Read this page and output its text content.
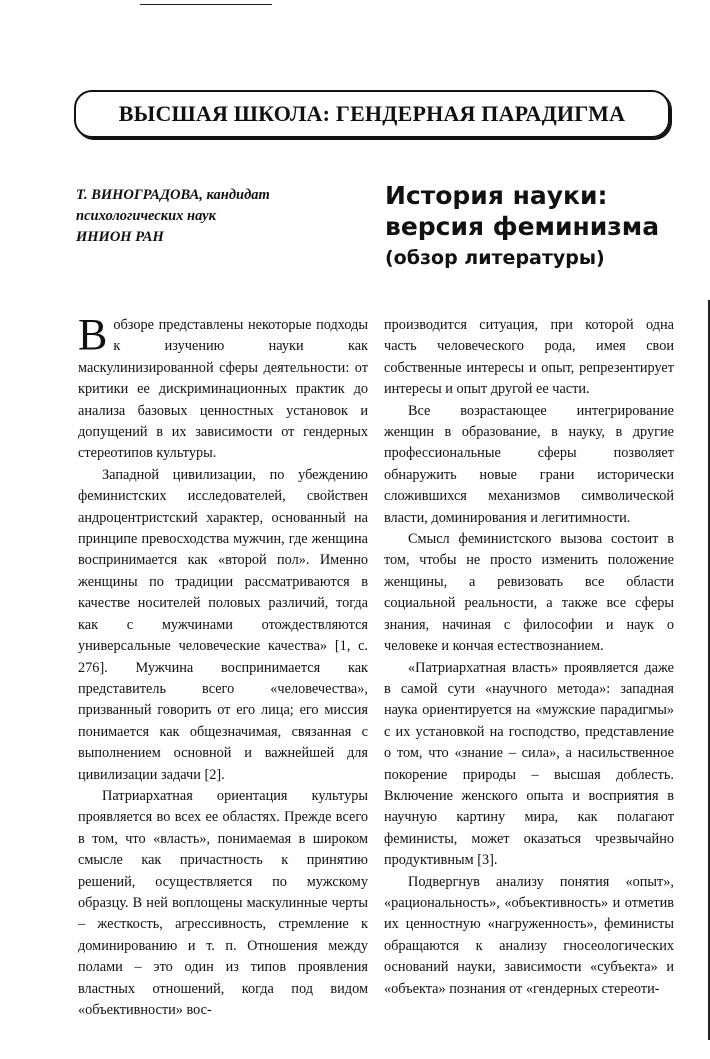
ВЫСШАЯ ШКОЛА: ГЕНДЕРНАЯ ПАРАДИГМА
Т. ВИНОГРАДОВА, кандидат
психологических наук
ИНИОН РАН
История науки:
версия феминизма
(обзор литературы)

Вобзоре представлены некоторые подходы к изучению науки как маскулинизированной сферы деятельности: от критики ее дискриминационных практик до анализа базовых ценностных установок и допущений в их зависимости от гендерных стереотипов культуры.

Западной цивилизации, по убеждению феминистских исследователей, свойствен андроцентристский характер, основанный на принципе превосходства мужчин, где женщина воспринимается как «второй пол». Именно женщины по традиции рассматриваются в качестве носителей половых различий, тогда как с мужчинами отождествляются универсальные человеческие качества» [1, с. 276]. Мужчина воспринимается как представитель всего «человечества», призванный говорить от его лица; его миссия понимается как общезначимая, связанная с выполнением основной и важнейшей для цивилизации задачи [2].

Патриархатная ориентация культуры проявляется во всех ее областях. Прежде всего в том, что «власть», понимаемая в широком смысле как причастность к принятию решений, осуществляется по мужскому образцу. В ней воплощены маскулинные черты – жесткость, агрессивность, стремление к доминированию и т. п. Отношения между полами – это один из типов проявления властных отношений, когда под видом «объективности» вос-

производится ситуация, при которой одна часть человеческого рода, имея свои собственные интересы и опыт, репрезентирует интересы и опыт другой ее части.

Все возрастающее интегрирование женщин в образование, в науку, в другие профессиональные сферы позволяет обнаружить новые грани исторически сложившихся механизмов символической власти, доминирования и легитимности.

Смысл феминистского вызова состоит в том, чтобы не просто изменить положение женщины, а ревизовать все области социальной реальности, а также все сферы знания, начиная с философии и наук о человеке и кончая естествознанием.

«Патриархатная власть» проявляется даже в самой сути «научного метода»: западная наука ориентируется на «мужские парадигмы» с их установкой на господство, представление о том, что «знание – сила», а насильственное покорение природы – высшая доблесть. Включение женского опыта и восприятия в научную картину мира, как полагают феминисты, может оказаться чрезвычайно продуктивным [3].

Подвергнув анализу понятия «опыт», «рациональность», «объективность» и отметив их ценностную «нагруженность», феминисты обращаются к анализу гносеологических оснований науки, зависимости «субъекта» и «объекта» познания от «гендерных стереоти-
